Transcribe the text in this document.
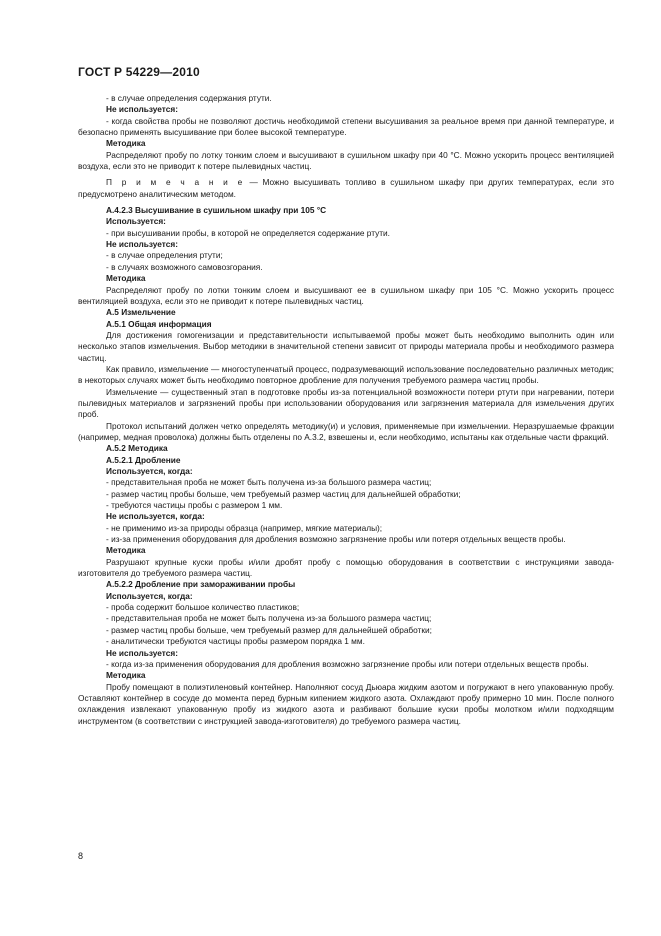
ГОСТ Р 54229—2010

- в случае определения содержания ртути.

Не используется:

- когда свойства пробы не позволяют достичь необходимой степени высушивания за реальное время при данной температуре, и безопасно применять высушивание при более высокой температуре.

Методика

Распределяют пробу по лотку тонким слоем и высушивают в сушильном шкафу при 40 °С. Можно ускорить процесс вентиляцией воздуха, если это не приводит к потере пылевидных частиц.

П р и м е ч а н и е — Можно высушивать топливо в сушильном шкафу при других температурах, если это предусмотрено аналитическим методом.

А.4.2.3 Высушивание в сушильном шкафу при 105 °С

Используется:

- при высушивании пробы, в которой не определяется содержание ртути.

Не используется:

- в случае определения ртути;

- в случаях возможного самовозгорания.

Методика

Распределяют пробу по лотки тонким слоем и высушивают ее в сушильном шкафу при 105 °С. Можно ускорить процесс вентиляцией воздуха, если это не приводит к потере пылевидных частиц.

А.5 Измельчение

А.5.1 Общая информация

Для достижения гомогенизации и представительности испытываемой пробы может быть необходимо выполнить один или несколько этапов измельчения. Выбор методики в значительной степени зависит от природы материала пробы и необходимого размера частиц.

Как правило, измельчение — многоступенчатый процесс, подразумевающий использование последовательно различных методик; в некоторых случаях может быть необходимо повторное дробление для получения требуемого размера частиц пробы.

Измельчение — существенный этап в подготовке пробы из-за потенциальной возможности потери ртути при нагревании, потери пылевидных материалов и загрязнений пробы при использовании оборудования или загрязнения материала для измельчения других проб.

Протокол испытаний должен четко определять методику(и) и условия, применяемые при измельчении. Неразрушаемые фракции (например, медная проволока) должны быть отделены по А.3.2, взвешены и, если необходимо, испытаны как отдельные части фракций.

А.5.2 Методика

А.5.2.1 Дробление

Используется, когда:

- представительная проба не может быть получена из-за большого размера частиц;

- размер частиц пробы больше, чем требуемый размер частиц для дальнейшей обработки;

- требуются частицы пробы с размером 1 мм.

Не используется, когда:

- не применимо из-за природы образца (например, мягкие материалы);

- из-за применения оборудования для дробления возможно загрязнение пробы или потеря отдельных веществ пробы.

Методика

Разрушают крупные куски пробы и/или дробят пробу с помощью оборудования в соответствии с инструкциями завода-изготовителя до требуемого размера частиц.

А.5.2.2 Дробление при замораживании пробы

Используется, когда:

- проба содержит большое количество пластиков;

- представительная проба не может быть получена из-за большого размера частиц;

- размер частиц пробы больше, чем требуемый размер для дальнейшей обработки;

- аналитически требуются частицы пробы размером порядка 1 мм.

Не используется:

- когда из-за применения оборудования для дробления возможно загрязнение пробы или потери отдельных веществ пробы.

Методика

Пробу помещают в полиэтиленовый контейнер. Наполняют сосуд Дьюара жидким азотом и погружают в него упакованную пробу. Оставляют контейнер в сосуде до момента перед бурным кипением жидкого азота. Охлаждают пробу примерно 10 мин. После полного охлаждения извлекают упакованную пробу из жидкого азота и разбивают большие куски пробы молотком и/или подходящим инструментом (в соответствии с инструкцией завода-изготовителя) до требуемого размера частиц.

8
